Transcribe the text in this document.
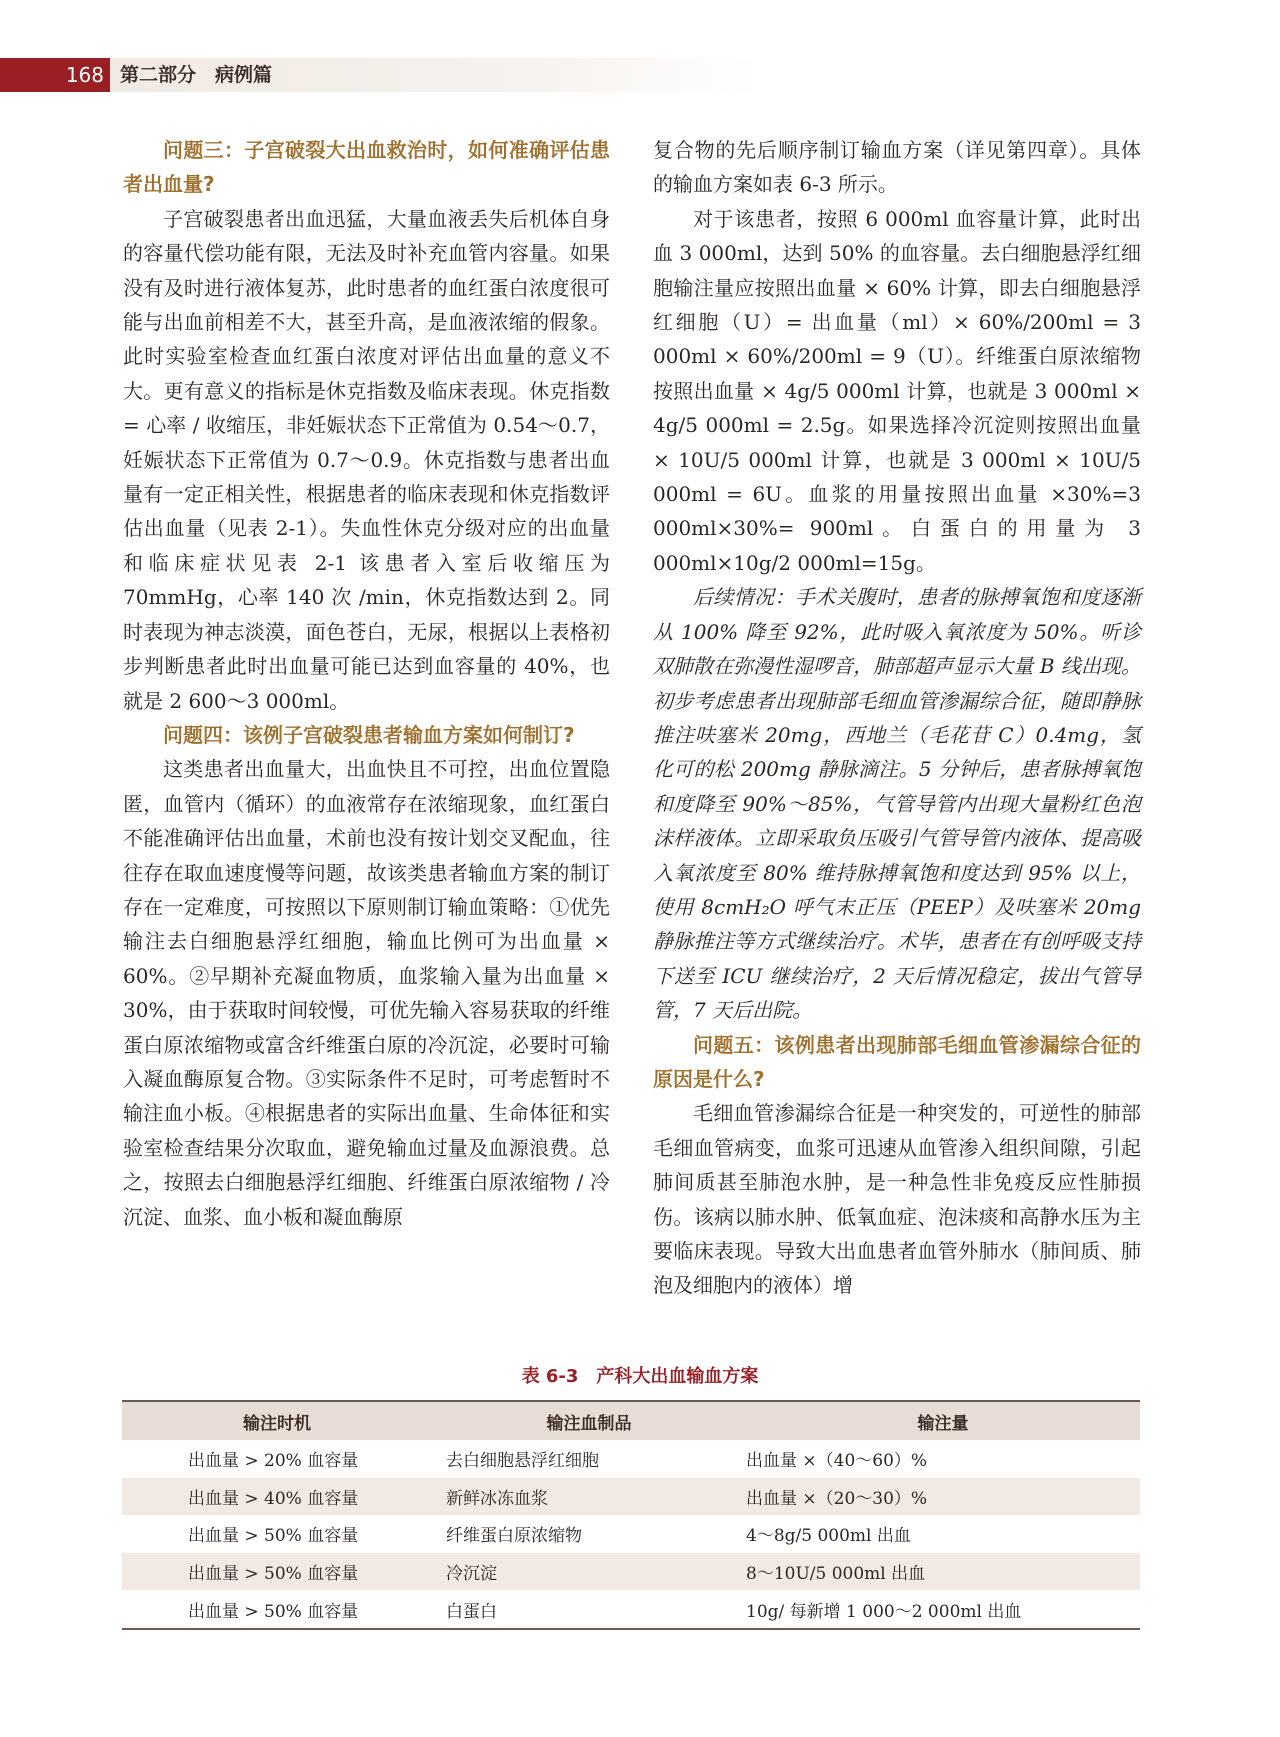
168 第二部分　病例篇

问题三：子宫破裂大出血救治时，如何准确评估患者出血量?

子宫破裂患者出血迅猛，大量血液丢失后机体自身的容量代偿功能有限，无法及时补充血管内容量。如果没有及时进行液体复苏，此时患者的血红蛋白浓度很可能与出血前相差不大，甚至升高，是血液浓缩的假象。此时实验室检查血红蛋白浓度对评估出血量的意义不大。更有意义的指标是休克指数及临床表现。休克指数 = 心率 / 收缩压，非妊娠状态下正常值为 0.54～0.7，妊娠状态下正常值为 0.7～0.9。休克指数与患者出血量有一定正相关性，根据患者的临床表现和休克指数评估出血量（见表 2-1）。失血性休克分级对应的出血量和临床症状见表 2-1 该患者入室后收缩压为 70mmHg，心率 140 次 /min，休克指数达到 2。同时表现为神志淡漠，面色苍白，无尿，根据以上表格初步判断患者此时出血量可能已达到血容量的 40%，也就是 2 600～3 000ml。

问题四：该例子宫破裂患者输血方案如何制订?

这类患者出血量大，出血快且不可控，出血位置隐匿，血管内（循环）的血液常存在浓缩现象，血红蛋白不能准确评估出血量，术前也没有按计划交叉配血，往往存在取血速度慢等问题，故该类患者输血方案的制订存在一定难度，可按照以下原则制订输血策略：①优先输注去白细胞悬浮红细胞，输血比例可为出血量 × 60%。②早期补充凝血物质，血浆输入量为出血量 × 30%，由于获取时间较慢，可优先输入容易获取的纤维蛋白原浓缩物或富含纤维蛋白原的冷沉淀，必要时可输入凝血酶原复合物。③实际条件不足时，可考虑暂时不输注血小板。④根据患者的实际出血量、生命体征和实验室检查结果分次取血，避免输血过量及血源浪费。总之，按照去白细胞悬浮红细胞、纤维蛋白原浓缩物 / 冷沉淀、血浆、血小板和凝血酶原

复合物的先后顺序制订输血方案（详见第四章）。具体的输血方案如表 6-3 所示。

对于该患者，按照 6 000ml 血容量计算，此时出血 3 000ml，达到 50% 的血容量。去白细胞悬浮红细胞输注量应按照出血量 × 60% 计算，即去白细胞悬浮红细胞（U）= 出血量（ml）× 60%/200ml = 3 000ml × 60%/200ml = 9（U）。纤维蛋白原浓缩物按照出血量 × 4g/5 000ml 计算，也就是 3 000ml × 4g/5 000ml = 2.5g。如果选择冷沉淀则按照出血量 × 10U/5 000ml 计算，也就是 3 000ml × 10U/5 000ml = 6U。血浆的用量按照出血量 ×30%=3 000ml×30%= 900ml。白蛋白的用量为 3 000ml×10g/2 000ml=15g。

后续情况：手术关腹时，患者的脉搏氧饱和度逐渐从 100% 降至 92%，此时吸入氧浓度为 50%。听诊双肺散在弥漫性湿啰音，肺部超声显示大量 B 线出现。初步考虑患者出现肺部毛细血管渗漏综合征，随即静脉推注呋塞米 20mg，西地兰（毛花苷 C）0.4mg，氢化可的松 200mg 静脉滴注。5 分钟后，患者脉搏氧饱和度降至 90%～85%，气管导管内出现大量粉红色泡沫样液体。立即采取负压吸引气管导管内液体、提高吸入氧浓度至 80% 维持脉搏氧饱和度达到 95% 以上，使用 8cmH₂O 呼气末正压（PEEP）及呋塞米 20mg 静脉推注等方式继续治疗。术毕，患者在有创呼吸支持下送至 ICU 继续治疗，2 天后情况稳定，拔出气管导管，7 天后出院。

问题五：该例患者出现肺部毛细血管渗漏综合征的原因是什么?

毛细血管渗漏综合征是一种突发的，可逆性的肺部毛细血管病变，血浆可迅速从血管渗入组织间隙，引起肺间质甚至肺泡水肿，是一种急性非免疫反应性肺损伤。该病以肺水肿、低氧血症、泡沫痰和高静水压为主要临床表现。导致大出血患者血管外肺水（肺间质、肺泡及细胞内的液体）增

表 6-3　产科大出血输血方案
输注时机	输注血制品	输注量
出血量 > 20% 血容量	去白细胞悬浮红细胞	出血量 ×（40～60）%
出血量 > 40% 血容量	新鲜冰冻血浆	出血量 ×（20～30）%
出血量 > 50% 血容量	纤维蛋白原浓缩物	4～8g/5 000ml 出血
出血量 > 50% 血容量	冷沉淀	8～10U/5 000ml 出血
出血量 > 50% 血容量	白蛋白	10g/ 每新增 1 000～2 000ml 出血
